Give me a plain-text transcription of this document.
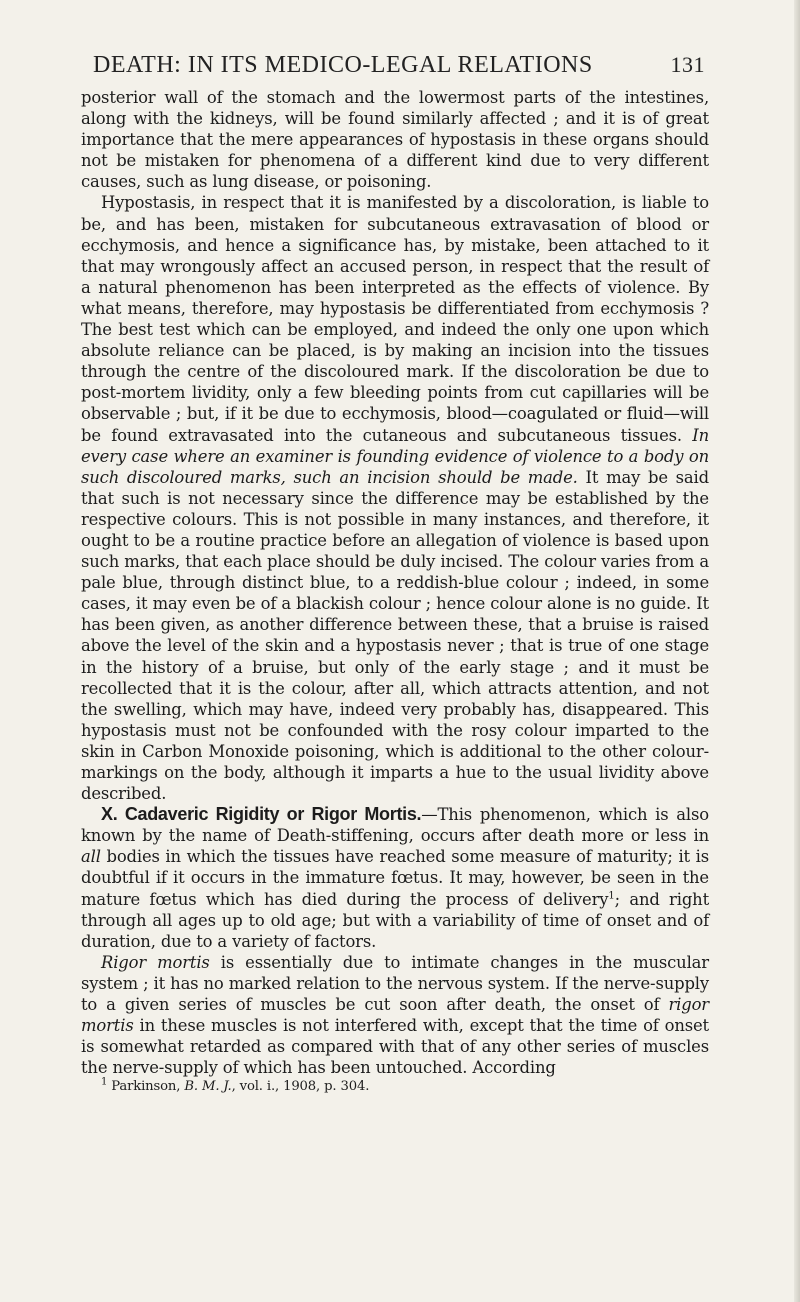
DEATH: IN ITS MEDICO-LEGAL RELATIONS	131

posterior wall of the stomach and the lowermost parts of the intestines, along with the kidneys, will be found similarly affected ; and it is of great importance that the mere appearances of hypostasis in these organs should not be mistaken for phenomena of a different kind due to very different causes, such as lung disease, or poisoning.

Hypostasis, in respect that it is manifested by a discoloration, is liable to be, and has been, mistaken for subcutaneous extravasation of blood or ecchymosis, and hence a significance has, by mistake, been attached to it that may wrongously affect an accused person, in respect that the result of a natural phenomenon has been interpreted as the effects of violence. By what means, therefore, may hypostasis be differentiated from ecchymosis ? The best test which can be employed, and indeed the only one upon which absolute reliance can be placed, is by making an incision into the tissues through the centre of the discoloured mark. If the discoloration be due to post-mortem lividity, only a few bleeding points from cut capillaries will be observable ; but, if it be due to ecchymosis, blood—coagulated or fluid—will be found extravasated into the cutaneous and subcutaneous tissues. In every case where an examiner is founding evidence of violence to a body on such discoloured marks, such an incision should be made. It may be said that such is not necessary since the difference may be established by the respective colours. This is not possible in many instances, and therefore, it ought to be a routine practice before an allegation of violence is based upon such marks, that each place should be duly incised. The colour varies from a pale blue, through distinct blue, to a reddish-blue colour ; indeed, in some cases, it may even be of a blackish colour ; hence colour alone is no guide. It has been given, as another difference between these, that a bruise is raised above the level of the skin and a hypostasis never ; that is true of one stage in the history of a bruise, but only of the early stage ; and it must be recollected that it is the colour, after all, which attracts attention, and not the swelling, which may have, indeed very probably has, disappeared. This hypostasis must not be confounded with the rosy colour imparted to the skin in Carbon Monoxide poisoning, which is additional to the other colour-markings on the body, although it imparts a hue to the usual lividity above described.

X. Cadaveric Rigidity or Rigor Mortis.—This phenomenon, which is also known by the name of Death-stiffening, occurs after death more or less in all bodies in which the tissues have reached some measure of maturity; it is doubtful if it occurs in the immature fœtus. It may, however, be seen in the mature fœtus which has died during the process of delivery$^1$; and right through all ages up to old age; but with a variability of time of onset and of duration, due to a variety of factors.

Rigor mortis is essentially due to intimate changes in the muscular system ; it has no marked relation to the nervous system. If the nerve-supply to a given series of muscles be cut soon after death, the onset of rigor mortis in these muscles is not interfered with, except that the time of onset is somewhat retarded as compared with that of any other series of muscles the nerve-supply of which has been untouched. According

$^1$ Parkinson, B. M. J., vol. i., 1908, p. 304.
